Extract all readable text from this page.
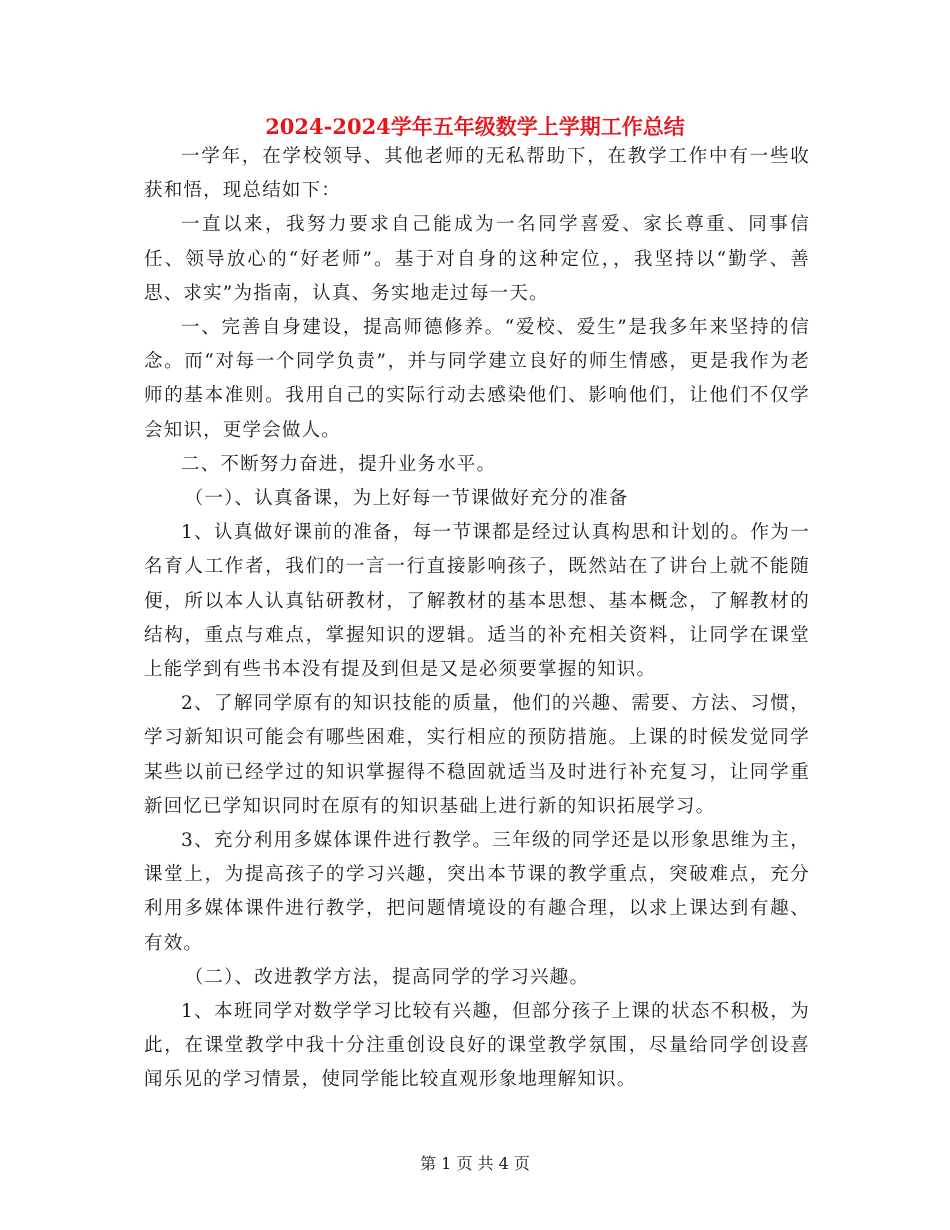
2024-2024学年五年级数学上学期工作总结

一学年，在学校领导、其他老师的无私帮助下，在教学工作中有一些收获和悟，现总结如下：

一直以来，我努力要求自己能成为一名同学喜爱、家长尊重、同事信任、领导放心的“好老师”。基于对自身的这种定位，，我坚持以“勤学、善思、求实”为指南，认真、务实地走过每一天。

一、完善自身建设，提高师德修养。“爱校、爱生”是我多年来坚持的信念。而“对每一个同学负责”，并与同学建立良好的师生情感，更是我作为老师的基本准则。我用自己的实际行动去感染他们、影响他们，让他们不仅学会知识，更学会做人。

二、不断努力奋进，提升业务水平。

（一）、认真备课，为上好每一节课做好充分的准备

1、认真做好课前的准备，每一节课都是经过认真构思和计划的。作为一名育人工作者，我们的一言一行直接影响孩子，既然站在了讲台上就不能随便，所以本人认真钻研教材，了解教材的基本思想、基本概念，了解教材的结构，重点与难点，掌握知识的逻辑。适当的补充相关资料，让同学在课堂上能学到有些书本没有提及到但是又是必须要掌握的知识。

2、了解同学原有的知识技能的质量，他们的兴趣、需要、方法、习惯，学习新知识可能会有哪些困难，实行相应的预防措施。上课的时候发觉同学某些以前已经学过的知识掌握得不稳固就适当及时进行补充复习，让同学重新回忆已学知识同时在原有的知识基础上进行新的知识拓展学习。

3、充分利用多媒体课件进行教学。三年级的同学还是以形象思维为主，课堂上，为提高孩子的学习兴趣，突出本节课的教学重点，突破难点，充分利用多媒体课件进行教学，把问题情境设的有趣合理，以求上课达到有趣、有效。

（二）、改进教学方法，提高同学的学习兴趣。

1、本班同学对数学学习比较有兴趣，但部分孩子上课的状态不积极，为此，在课堂教学中我十分注重创设良好的课堂教学氛围，尽量给同学创设喜闻乐见的学习情景，使同学能比较直观形象地理解知识。

第 1 页 共 4 页
